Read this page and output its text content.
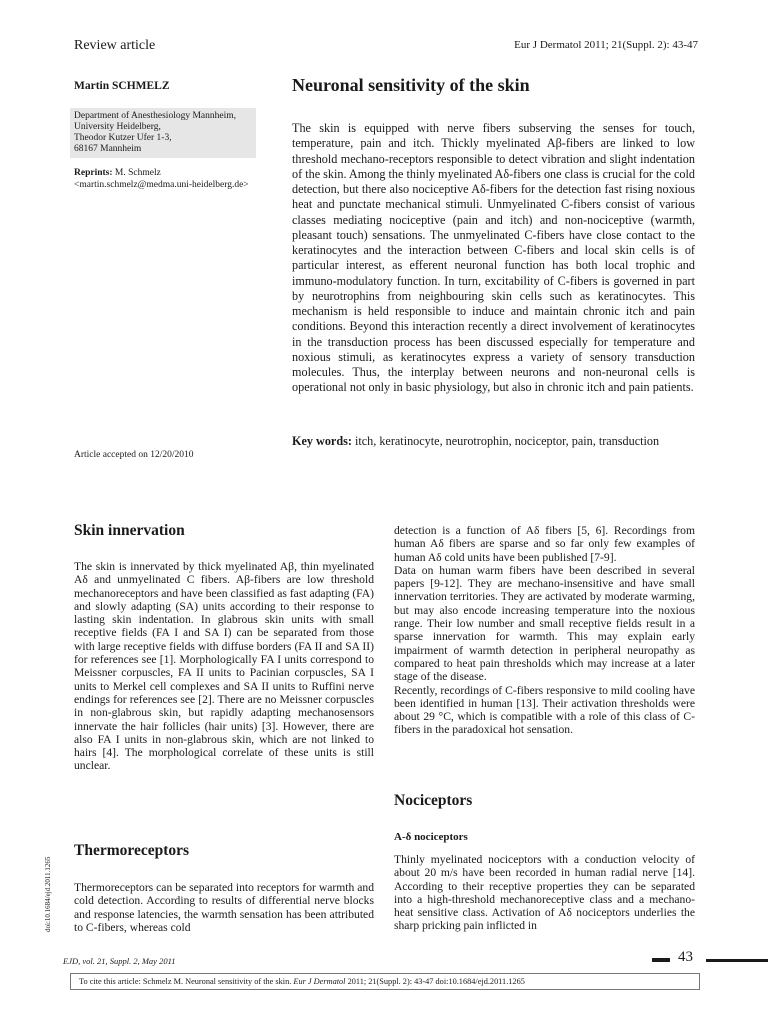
Review article	Eur J Dermatol 2011; 21(Suppl. 2): 43-47
Martin SCHMELZ	Neuronal sensitivity of the skin
Department of Anesthesiology Mannheim,
University Heidelberg,
Theodor Kutzer Ufer 1-3,
68167 Mannheim
Reprints: M. Schmelz <martin.schmelz@medma.uni-heidelberg.de>
Article accepted on 12/20/2010
The skin is equipped with nerve fibers subserving the senses for touch, temperature, pain and itch. Thickly myelinated Aβ-fibers are linked to low threshold mechano-receptors responsible to detect vibration and slight indentation of the skin. Among the thinly myelinated Aδ-fibers one class is crucial for the cold detection, but there also nociceptive Aδ-fibers for the detection fast rising noxious heat and punctate mechanical stimuli. Unmyelinated C-fibers consist of various classes mediating nociceptive (pain and itch) and non-nociceptive (warmth, pleasant touch) sensations. The unmyelinated C-fibers have close contact to the keratinocytes and the interaction between C-fibers and local skin cells is of particular interest, as efferent neuronal function has both local trophic and immuno-modulatory function. In turn, excitability of C-fibers is governed in part by neurotrophins from neighbouring skin cells such as keratinocytes. This mechanism is held responsible to induce and maintain chronic itch and pain conditions. Beyond this interaction recently a direct involvement of keratinocytes in the transduction process has been discussed especially for temperature and noxious stimuli, as keratinocytes express a variety of sensory transduction molecules. Thus, the interplay between neurons and non-neuronal cells is operational not only in basic physiology, but also in chronic itch and pain patients.
Key words: itch, keratinocyte, neurotrophin, nociceptor, pain, transduction
Skin innervation

The skin is innervated by thick myelinated Aβ, thin myelinated Aδ and unmyelinated C fibers. Aβ-fibers are low threshold mechanoreceptors and have been classified as fast adapting (FA) and slowly adapting (SA) units according to their response to lasting skin indentation. In glabrous skin units with small receptive fields (FA I and SA I) can be separated from those with large receptive fields with diffuse borders (FA II and SA II) for references see [1]. Morphologically FA I units correspond to Meissner corpuscles, FA II units to Pacinian corpuscles, SA I units to Merkel cell complexes and SA II units to Ruffini nerve endings for references see [2]. There are no Meissner corpuscles in non-glabrous skin, but rapidly adapting mechanosensors innervate the hair follicles (hair units) [3]. However, there are also FA I units in non-glabrous skin, which are not linked to hairs [4]. The morphological correlate of these units is still unclear.

Thermoreceptors

Thermoreceptors can be separated into receptors for warmth and cold detection. According to results of differential nerve blocks and response latencies, the warmth sensation has been attributed to C-fibers, whereas cold

detection is a function of Aδ fibers [5, 6]. Recordings from human Aδ fibers are sparse and so far only few examples of human Aδ cold units have been published [7-9].

Data on human warm fibers have been described in several papers [9-12]. They are mechano-insensitive and have small innervation territories. They are activated by moderate warming, but may also encode increasing temperature into the noxious range. Their low number and small receptive fields result in a sparse innervation for warmth. This may explain early impairment of warmth detection in peripheral neuropathy as compared to heat pain thresholds which may increase at a later stage of the disease.

Recently, recordings of C-fibers responsive to mild cooling have been identified in human [13]. Their activation thresholds were about 29 °C, which is compatible with a role of this class of C-fibers in the paradoxical hot sensation.

Nociceptors
A-δ nociceptors

Thinly myelinated nociceptors with a conduction velocity of about 20 m/s have been recorded in human radial nerve [14]. According to their receptive properties they can be separated into a high-threshold mechanoreceptive class and a mechano-heat sensitive class. Activation of Aδ nociceptors underlies the sharp pricking pain inflicted in

doi:10.1684/ejd.2011.1265
EJD, vol. 21, Suppl. 2, May 2011	43
To cite this article: Schmelz M. Neuronal sensitivity of the skin. Eur J Dermatol 2011; 21(Suppl. 2): 43-47 doi:10.1684/ejd.2011.1265
